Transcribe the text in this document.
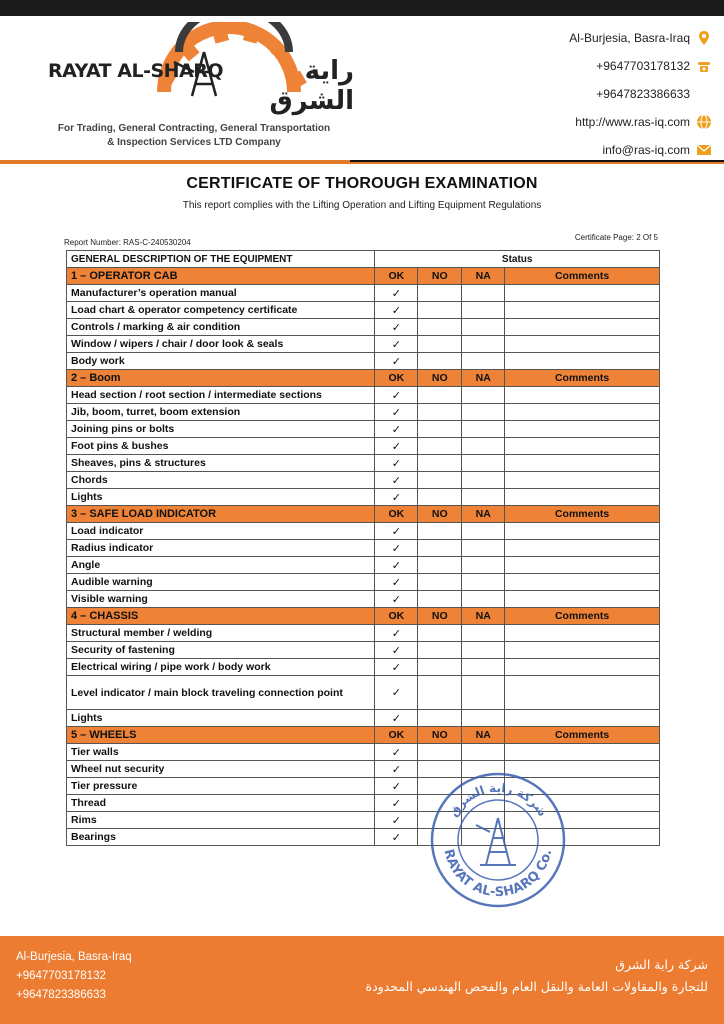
RAYAT AL-SHARQ	راية الشرق
For Trading, General Contracting, General Transportation
& Inspection Services LTD Company
Al-Burjesia, Basra-Iraq
+9647703178132
+9647823386633
http://www.ras-iq.com
info@ras-iq.com
CERTIFICATE OF THOROUGH EXAMINATION
This report complies with the Lifting Operation and Lifting Equipment Regulations
Report Number: RAS-C-240530204
Certificate Page: 2 Of 5
GENERAL DESCRIPTION OF THE EQUIPMENT	Status			
1 – OPERATOR CAB	OK	NO	NA	Comments
Manufacturer’s operation manual	✓			
Load chart & operator competency certificate	✓			
Controls / marking & air condition	✓			
Window / wipers / chair / door look & seals	✓			
Body work	✓			
2 – Boom	OK	NO	NA	Comments
Head section / root section / intermediate sections	✓			
Jib, boom, turret, boom extension	✓			
Joining pins or bolts	✓			
Foot pins & bushes	✓			
Sheaves, pins & structures	✓			
Chords	✓			
Lights	✓			
3 – SAFE LOAD INDICATOR	OK	NO	NA	Comments
Load indicator	✓			
Radius indicator	✓			
Angle	✓			
Audible warning	✓			
Visible warning	✓			
4 – CHASSIS	OK	NO	NA	Comments
Structural member / welding	✓			
Security of fastening	✓			
Electrical wiring / pipe work / body work	✓			
Level indicator / main block traveling connection point	✓			
Lights	✓			
5 – WHEELS	OK	NO	NA	Comments
Tier walls	✓			
Wheel nut security	✓			
Tier pressure	✓			
Thread	✓			
Rims	✓			
Bearings	✓			
شركة راية الشرق
RAYAT AL-SHARQ Co.
Al-Burjesia, Basra-Iraq
+9647703178132
+9647823386633
شركة راية الشرق
للتجارة والمقاولات العامة والنقل العام والفحص الهندسي المحدودة
